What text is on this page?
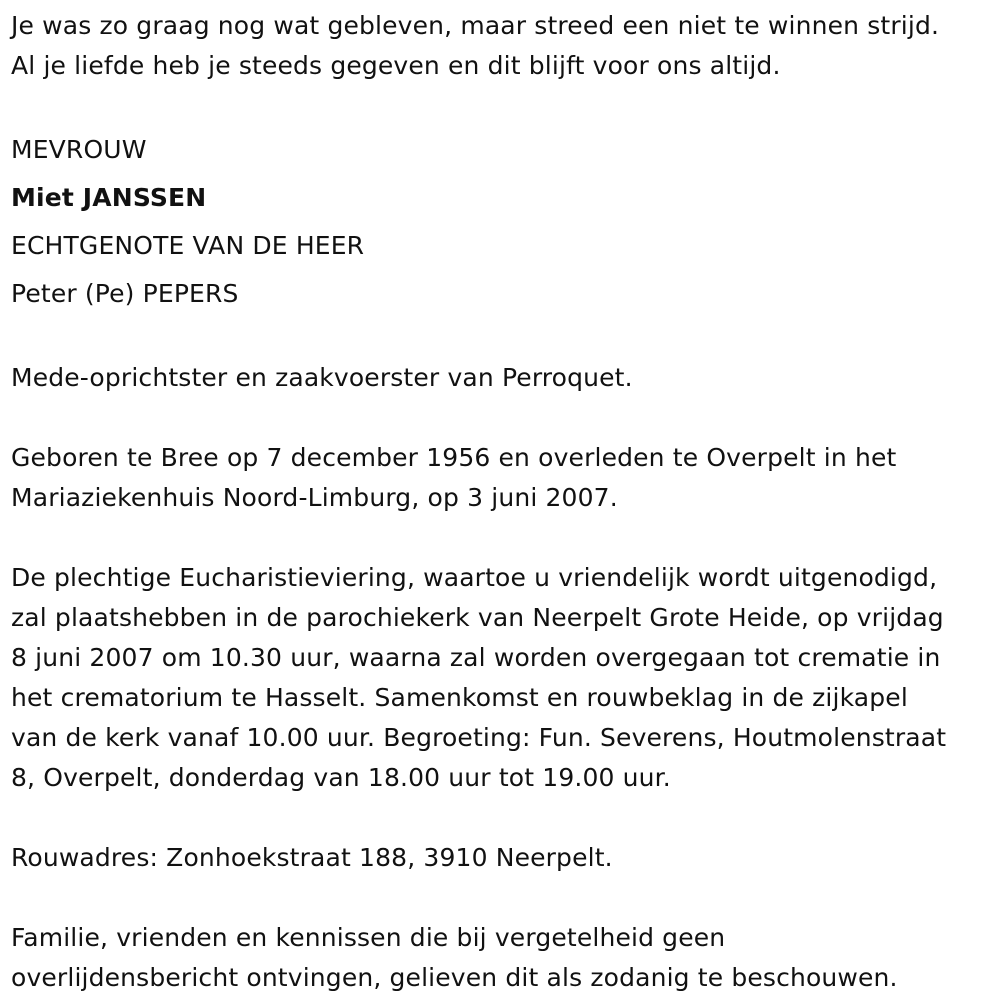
Je was zo graag nog wat gebleven, maar streed een niet te winnen strijd.
Al je liefde heb je steeds gegeven en dit blijft voor ons altijd.
MEVROUW
Miet JANSSEN
ECHTGENOTE VAN DE HEER
Peter (Pe) PEPERS
Mede-oprichtster en zaakvoerster van Perroquet.
Geboren te Bree op 7 december 1956 en overleden te Overpelt in het
Mariaziekenhuis Noord-Limburg, op 3 juni 2007.
De plechtige Eucharistieviering, waartoe u vriendelijk wordt uitgenodigd,
zal plaatshebben in de parochiekerk van Neerpelt Grote Heide, op vrijdag
8 juni 2007 om 10.30 uur, waarna zal worden overgegaan tot crematie in
het crematorium te Hasselt. Samenkomst en rouwbeklag in de zijkapel
van de kerk vanaf 10.00 uur. Begroeting: Fun. Severens, Houtmolenstraat
8, Overpelt, donderdag van 18.00 uur tot 19.00 uur.
Rouwadres: Zonhoekstraat 188, 3910 Neerpelt.
Familie, vrienden en kennissen die bij vergetelheid geen
overlijdensbericht ontvingen, gelieven dit als zodanig te beschouwen.
